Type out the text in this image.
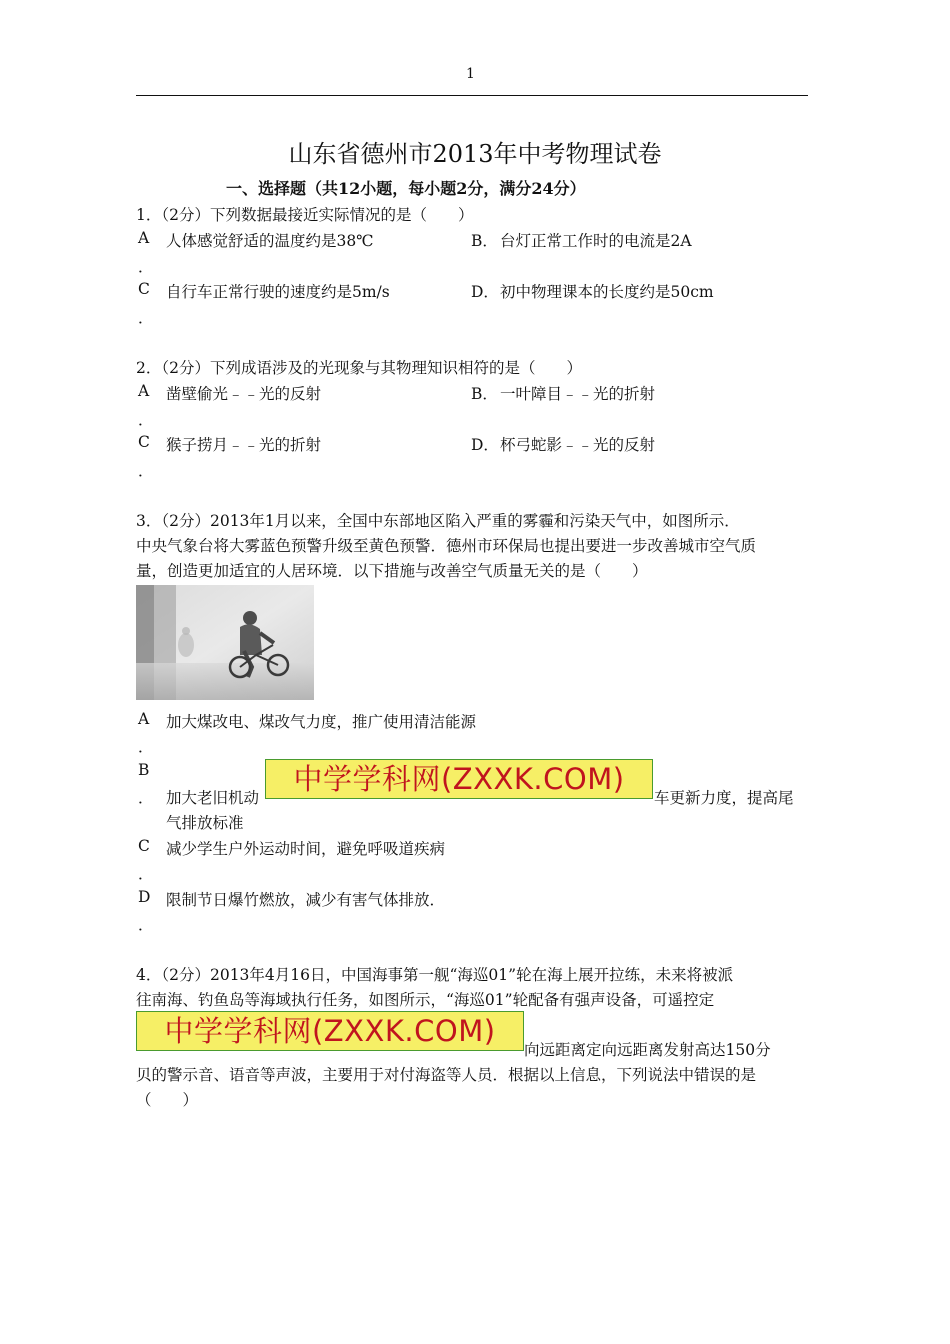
1
山东省德州市2013年中考物理试卷
一、选择题（共12小题，每小题2分，满分24分）
1．（2分）下列数据最接近实际情况的是（　　）
A
．
人体感觉舒适的温度约是38℃	B． 台灯正常工作时的电流是2A
C
．
自行车正常行驶的速度约是5m/s	D． 初中物理课本的长度约是50cm
2．（2分）下列成语涉及的光现象与其物理知识相符的是（　　）
A
．
凿壁偷光﹣﹣光的反射	B． 一叶障目﹣﹣光的折射
C
．
猴子捞月﹣﹣光的折射	D． 杯弓蛇影﹣﹣光的反射
3．（2分）2013年1月以来，全国中东部地区陷入严重的雾霾和污染天气中，如图所示．
中央气象台将大雾蓝色预警升级至黄色预警．德州市环保局也提出要进一步改善城市空气质
量，创造更加适宜的人居环境．以下措施与改善空气质量无关的是（　　）
A
．
加大煤改电、煤改气力度，推广使用清洁能源
B
． 加大老旧机动
中学学科网(ZXXK.COM)
车更新力度，提高尾
气排放标准
C
．
减少学生户外运动时间，避免呼吸道疾病
D
．
限制节日爆竹燃放，减少有害气体排放．
4．（2分）2013年4月16日，中国海事第一舰“海巡01”轮在海上展开拉练，未来将被派
往南海、钓鱼岛等海域执行任务，如图所示，“海巡01”轮配备有强声设备，可遥控定
中学学科网(ZXXK.COM)
向远距离定向远距离发射高达150分
贝的警示音、语音等声波，主要用于对付海盗等人员．根据以上信息，下列说法中错误的是
（　　）
